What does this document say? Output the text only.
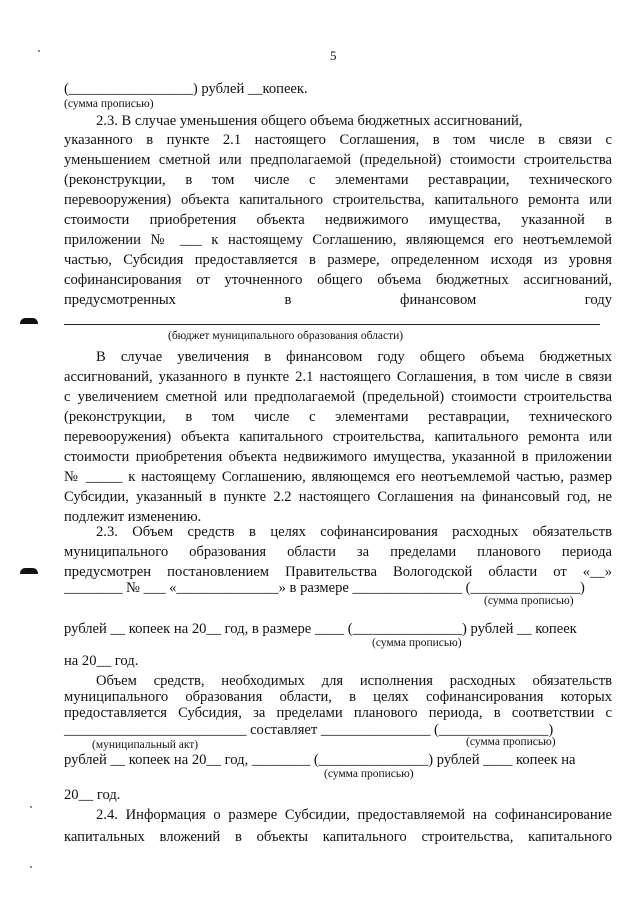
5
(_________________) рублей __копеек.
(сумма прописью)
2.3. В случае уменьшения общего объема бюджетных ассигнований,
указанного в пункте 2.1 настоящего Соглашения, в том числе в связи с
уменьшением сметной или предполагаемой (предельной) стоимости строительства
(реконструкции, в том числе с элементами реставрации, технического
перевооружения) объекта капитального строительства, капитального ремонта или
стоимости приобретения объекта недвижимого имущества, указанной в
приложении № ___ к настоящему Соглашению, являющемся его неотъемлемой
частью, Субсидия предоставляется в размере, определенном исходя из уровня
софинансирования от уточненного общего объема бюджетных ассигнований,
предусмотренных в финансовом году
(бюджет муниципального образования области)
В случае увеличения в финансовом году общего объема бюджетных
ассигнований, указанного в пункте 2.1 настоящего Соглашения, в том числе в связи
с увеличением сметной или предполагаемой (предельной) стоимости строительства
(реконструкции, в том числе с элементами реставрации, технического
перевооружения) объекта капитального строительства, капитального ремонта или
стоимости приобретения объекта недвижимого имущества, указанной в приложении
№ _____ к настоящему Соглашению, являющемся его неотъемлемой частью, размер
Субсидии, указанный в пункте 2.2 настоящего Соглашения на финансовый год, не
подлежит изменению.
2.3. Объем средств в целях софинансирования расходных обязательств
муниципального образования области за пределами планового периода
предусмотрен постановлением Правительства Вологодской области от «__»
________ № ___ «______________» в размере _______________ (_______________)
(сумма прописью)
рублей __ копеек на 20__ год, в размере ____ (_______________) рублей __ копеек
(сумма прописью)
на 20__ год.
Объем средств, необходимых для исполнения расходных обязательств
муниципального образования области, в целях софинансирования которых
предоставляется Субсидия, за пределами планового периода, в соответствии с
_________________________ составляет _______________ (_______________)
(муниципальный акт)	(сумма прописью)
рублей __ копеек на 20__ год, ________ (_______________) рублей ____ копеек на
(сумма прописью)
20__ год.
2.4. Информация о размере Субсидии, предоставляемой на софинансирование
капитальных вложений в объекты капитального строительства, капитального
